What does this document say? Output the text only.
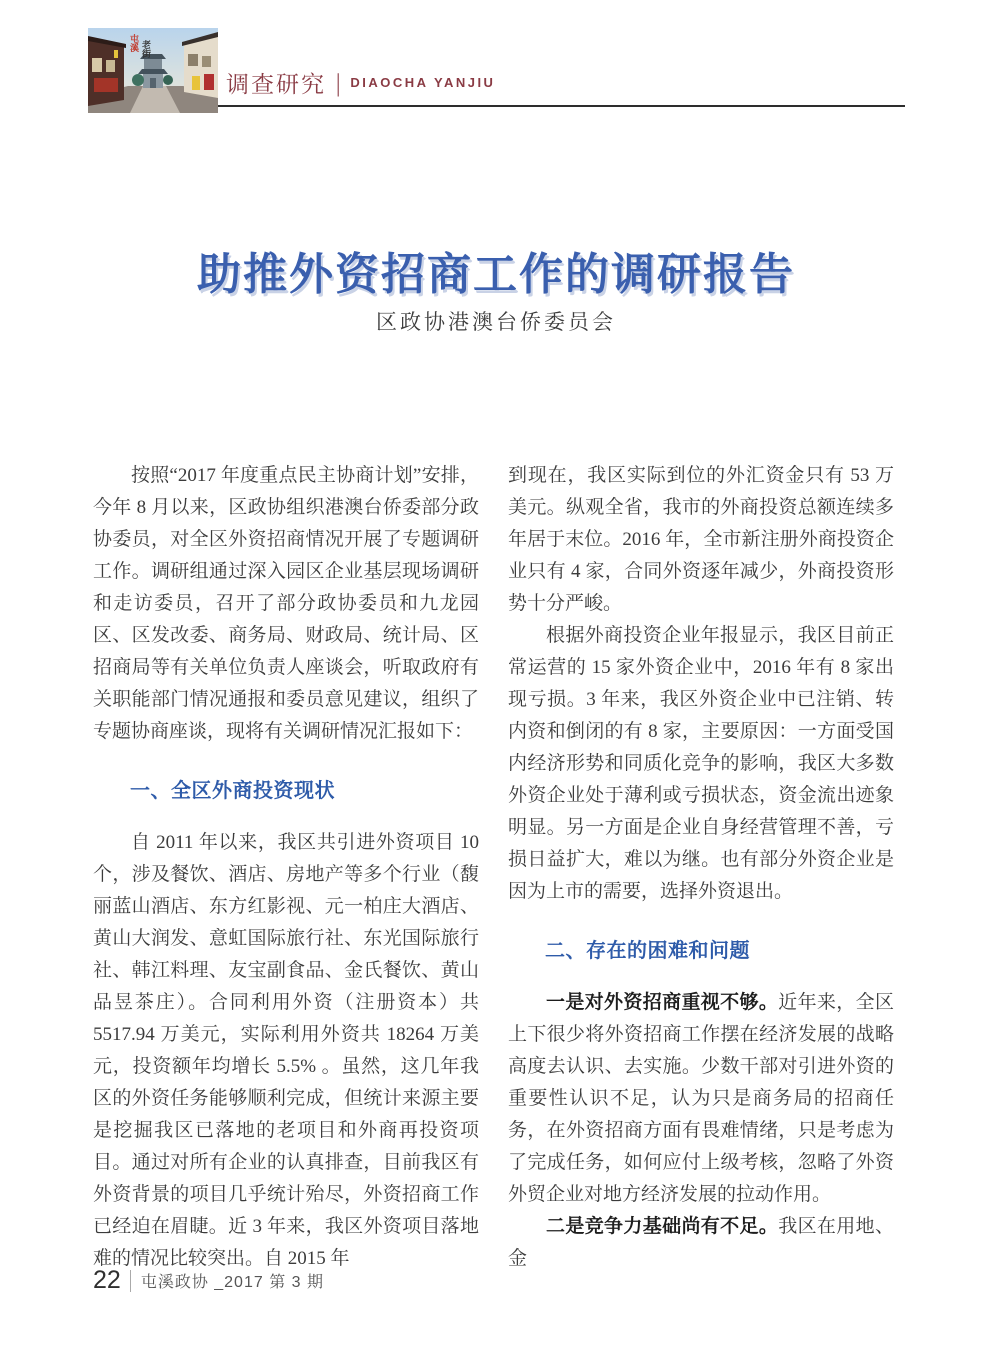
屯溪 老街
调查研究 | DIAOCHA YANJIU
助推外资招商工作的调研报告
区政协港澳台侨委员会

按照“2017 年度重点民主协商计划”安排，今年 8 月以来，区政协组织港澳台侨委部分政协委员，对全区外资招商情况开展了专题调研工作。调研组通过深入园区企业基层现场调研和走访委员，召开了部分政协委员和九龙园区、区发改委、商务局、财政局、统计局、区招商局等有关单位负责人座谈会，听取政府有关职能部门情况通报和委员意见建议，组织了专题协商座谈，现将有关调研情况汇报如下：

一、全区外商投资现状

自 2011 年以来，我区共引进外资项目 10 个，涉及餐饮、酒店、房地产等多个行业（馥丽蓝山酒店、东方红影视、元一柏庄大酒店、黄山大润发、意虹国际旅行社、东光国际旅行社、韩江料理、友宝副食品、金氏餐饮、黄山品昱茶庄）。合同利用外资（注册资本）共 5517.94 万美元，实际利用外资共 18264 万美元，投资额年均增长 5.5% 。虽然，这几年我区的外资任务能够顺利完成，但统计来源主要是挖掘我区已落地的老项目和外商再投资项目。通过对所有企业的认真排查，目前我区有外资背景的项目几乎统计殆尽，外资招商工作已经迫在眉睫。近 3 年来，我区外资项目落地难的情况比较突出。自 2015 年

到现在，我区实际到位的外汇资金只有 53 万美元。纵观全省，我市的外商投资总额连续多年居于末位。2016 年，全市新注册外商投资企业只有 4 家，合同外资逐年减少，外商投资形势十分严峻。

根据外商投资企业年报显示，我区目前正常运营的 15 家外资企业中，2016 年有 8 家出现亏损。3 年来，我区外资企业中已注销、转内资和倒闭的有 8 家，主要原因：一方面受国内经济形势和同质化竞争的影响，我区大多数外资企业处于薄利或亏损状态，资金流出迹象明显。另一方面是企业自身经营管理不善，亏损日益扩大，难以为继。也有部分外资企业是因为上市的需要，选择外资退出。

二、存在的困难和问题

一是对外资招商重视不够。近年来，全区上下很少将外资招商工作摆在经济发展的战略高度去认识、去实施。少数干部对引进外资的重要性认识不足，认为只是商务局的招商任务，在外资招商方面有畏难情绪，只是考虑为了完成任务，如何应付上级考核，忽略了外资外贸企业对地方经济发展的拉动作用。

二是竞争力基础尚有不足。我区在用地、金

22 屯溪政协 _2017 第 3 期
